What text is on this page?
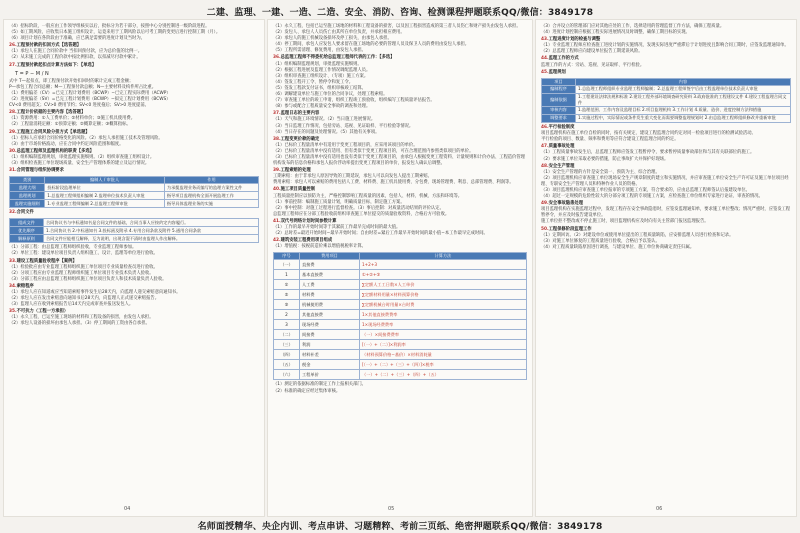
二建、监理、一建、一造、二造、安全、消防、咨询、检测课程押题联系QQ/微信：3849178
（4）招标阶段，一般应由工作领导组核实以后，批标分为若干部分，按照中心分别控制进一级阶段进程。
（5）如工期风险，应收集日本施工组织设计，运竟来用于工期风险以后可考工期的变更后进行控制工期（月）。
（6）项目计划在各阶段由于准确，应已满足需要的进度计划及当时为。
26.工程预付款的扣回方式【选答题】
（1）承包人在施工合同价款中 当扣回预付款，应为总价值的比例一。
（2）从未施工完成的工程价款中按比例扣款，以扣减尽付款中累计。
27.工程预付款起扣点计算方法如下：【单选】
T = P − M / N
式中 T—起扣点，即工程预付款开始扣回时的累计完成工程金额；
P—承包工程合同总额；M—工程预付款总额；N—主要材料及构件所占比重。
（1）费用偏差（CV）=已完工程计划费用（BCWP）−已完工程实际费用（ACWP）
（2）进度偏差（SV）=已完工程计划费用（BCWP）−拟完工程计划费用（BCWS）
CV<0 费用超支；CV>0 费用节约；SV<0 进度拖后；SV>0 进度提前。
28.工程计价依据的主要内容【选答题】
（1）资源费用：①人工费单价；②材料单价；③施工机具使用费。
（2）工程量消耗定额：①预算定额；②概算定额；③概算指标。
29.工程施工合同风险分担方式【单选题】
（1）招标人应承担合同价格变化的风险。（2）承包人承担施工技术及管理风险。
（3）由于市场价格波动，应在合同中约定风险范围和幅度。
30.总监理工程师及监理机构的职责【多选】
（1）组织编制监理规划，审批监理实施细则。（2）组织审查施工组织设计。
（3）组织检查施工单位现场质量、安全生产管理体系的建立及运行情况。
31.合同管理与组织协调要求
类别	编制人 / 审批人	作用
监理大纲	投标阶段监理单位	为承揽监理业务而编写的监理方案性文件
监理规划	1.总监理工程师组织编制 2.监理单位技术负责人审批	指导项目监理机构全面开展监理工作
监理实施细则	1.专业监理工程师编制 2.总监理工程师审批	指导具体监理业务的实施
32.合同文件
组成文件	合同协议书与中标通知书是合同文件的基础，合同当事人应按约定内容履行。
优先顺序	1.合同协议书 2.中标通知书 3.投标函及附录 4.专用合同条款及附件 5.通用合同条款
解释原则	合同文件应能相互解释，互为说明，出现含混不清时由监理人作出解释。
（1）分部工程：由总监理工程师组织验收，专业监理工程师参加。
（2）单位工程：建设单位项目负责人组织施工、设计、监理等单位进行验收。
33.建设工程质量验收程序【案例】
（1）检验批应由专业监理工程师组织施工单位项目专业质量检查员进行验收。
（2）分项工程应由专业监理工程师组织施工单位项目专业技术负责人验收。
（3）分部工程应由总监理工程师组织施工单位项目负责人和技术质量负责人验收。
34.索赔程序
（1）承包人应在知道或应当知道索赔事件发生后28天内，向监理人递交索赔意向通知书。
（2）承包人应在发出索赔意向通知书后28天内，向监理人正式递交索赔报告。
（3）监理人应在收到索赔报告后14天内完成审查并报送发包人。
35.不可抗力（工程一方承担）
（1）永久工程、已运至施工现场的材料和工程设备的损害，由发包人承担。
（2）承包人设备的损坏由承包人承担。（3）停工期间的工资由各自承担。
04
（1）永久工程、包括已运至施工场地的材料和工程设备的损害，以及因工程损害造成的第三者人员伤亡和财产损失由发包人承担。
（2）发包人、承包人人员伤亡由其所在单位负责，并承担相应费用。
（3）承包人的施工机械设备损坏及停工损失，由承包人承担。
（4）停工期间，承包人应发包人要求留在施工场地的必要的管理人员及保卫人员的费用由发包人承担。
（5）工程所需清理、修复费用，由发包人承担。
36.总监理工程师不得委托给总监理工程师代表的工作：【多选】
（1）组织编制监理规划，审批监理实施细则。
（2）根据工程进展及监理工作情况调配监理人员。
（3）组织审查施工组织设计、（专项）施工方案。
（4）签发工程开工令、暂停令和复工令。
（5）签发工程款支付证书，组织审核竣工结算。
（6）调解建设单位与施工单位的合同争议，处理工程索赔。
（7）审查施工单位的竣工申请，组织工程竣工预验收，组织编写工程质量评估报告。
（8）参与或配合工程质量安全事故的调查和处理。
37.监理日志的主要内容
（1）天气和施工环境情况。（2）当日施工进展情况。
（3）当日监理工作情况，包括旁站、巡视、见证取样、平行检验等情况。
（4）当日存在的问题及处理情况。（5）其他有关事项。
38.工程变更价款的确定
（1）已标价工程量清单中有适用于变更工程项目的，应采用该项目的单价。
（2）已标价工程量清单中没有适用、但有类似于变更工程项目的，可在合理范围内参照类似项目的单价。
（3）已标价工程量清单中没有适用也没有类似于变更工程项目的，由承包人根据变更工程资料、计量规则和计价办法、工程造价管理机构发布的信息价格和承包人报价浮动率提出变更工程项目的单价，报发包人确认后调整。
39.工程索赔的处理
工期索赔：由于非承包人原因导致的工期延误，承包人可以向发包人提出工期索赔。
费用索赔：承包人可以索赔的费用包括人工费、材料费、施工机具使用费、分包费、现场管理费、利息、总部管理费、利润等。
40.施工项目质量控制
工程质量控制应以预防为主，严格控制影响工程质量的因素，包括人、材料、机械、方法和环境等。
（1）事前控制：编制施工质量计划，明确质量目标，制定施工方案。
（2）事中控制：对施工过程进行监督检查。（3）事后控制：对质量活动结果的评价认定。
总监理工程师应在分部工程验收前组织审查施工单位提交的质量验收资料，合格后方可验收。
41.双代号网络计划时间参数计算
（1）工作的最早开始时间等于其紧前工作最早完成时间的最大值。
（2）总时差=最迟开始时间−最早开始时间；自由时差=紧后工作最早开始时间的最小值−本工作最早完成时间。
42.建筑安装工程费用项目组成
（1）增值税：按税前造价乘以增值税税率计算。
序号	费用项目	计算方法
（一）	直接费	1+2+3
1	基本直接费	①+②+③
①	人工费	∑定额人工工日数×人工单价
②	材料费	∑定额材料用量×材料预算价格
③	机械使用费	∑定额机械台时用量×台时费
2	其他直接费	1×其他直接费费率
3	现场经费	1×现场经费费率
（二）	间接费	（一）×间接费费率
（三）	利润	[（一）+（二）]×利润率
（四）	材料补差	（材料预算价格−基价）×材料消耗量
（五）	税金	[（一）+（二）+（三）+（四）]×税率
（六）	工程单价	（一）+（二）+（三）+（四）+（五）
（1）测定的依据标准的制定工作上报相关部门。
（2）标准的确定应经过集体审核。
05
（3）合并设立的管理部门应对其他应处的工作，选择适用的管理监督工作方法，确保工程质量。
（4）进度计划控制应根据工程实际进展情况及时调整，确保工期目标的实现。
43.工程进度计划的检查与调整
（1）专业监理工程师应检查施工进度计划的实施情况，发现实际进度严重滞后于计划进度且影响合同工期时，应签发监理通知单。
（2）总监理工程师应向建设单位报告工期延误风险。
44.监理工作的方式
监理工作的方式：旁站、巡视、见证取样、平行检验。
45.监理规划
项目	内容
编制程序	1.总监理工程师组织专业监理工程师编制；2.总监理工程师签字后由工程监理单位技术负责人审批
编制依据	1.工程建设法律法规和标准 2.建设工程外部环境调查研究资料 3.政府批准的工程建设文件 4.建设工程监理合同文件
审核内容	1.监理范围、工作内容及监理目标 2.项目监理机构 3.工作计划 4.质量、造价、进度控制方法和措施
调整要求	1.实施过程中，实际情况或条件发生重大变化而需要调整监理规划时 2.由总监理工程师组织修改并重新审批
46.平行检验制度
项目监理机构在施工单位自检的同时，按有关规定、建设工程监理合同约定对同一检验项目进行的检测试验活动。
平行检验的项目、数量、频率和费用等应符合建设工程监理合同的约定。
47.质量事故处理
（1）工程质量事故发生后，总监理工程师应签发工程暂停令，要求暂停质量事故部位和与其有关联部位的施工。
（2）要求施工单位采取必要的措施，防止事故扩大并保护好现场。
48.安全生产管理
（1）安全生产管理的方针是安全第一、预防为主、综合治理。
（2）项目监理机构应审查施工单位现场安全生产规章制度的建立和实施情况，并应审查施工单位安全生产许可证及施工单位项目经理、专职安全生产管理人员和特种作业人员的资格。
（3）项目监理机构应审查施工单位报审的专项施工方案，符合要求的，应由总监理工程师签认后报建设单位。
（4）超过一定规模的危险性较大的分部分项工程的专项施工方案，应检查施工单位组织专家进行论证、审查的情况。
49.安全事故隐患处理
项目监理机构在实施监理过程中，发现工程存在安全事故隐患时，应签发监理通知单，要求施工单位整改；情况严重时，应签发工程暂停令，并应及时报告建设单位。
施工单位拒不整改或不停止施工时，项目监理机构应及时向有关主管部门报送监理报告。
50.工程保修阶段监理工作
（1）定期回访。（2）对建设单位或使用单位提出的工程质量缺陷，应安排监理人员进行检查和记录。
（3）对施工单位修复的工程质量进行验收，合格后予以签认。
（4）对工程质量缺陷原因进行调查，与建设单位、施工单位协商确定责任归属。
06
名师面授精华、央企内训、考点串讲、习题精粹、考前三页纸、绝密押题联系QQ/微信：3849178
